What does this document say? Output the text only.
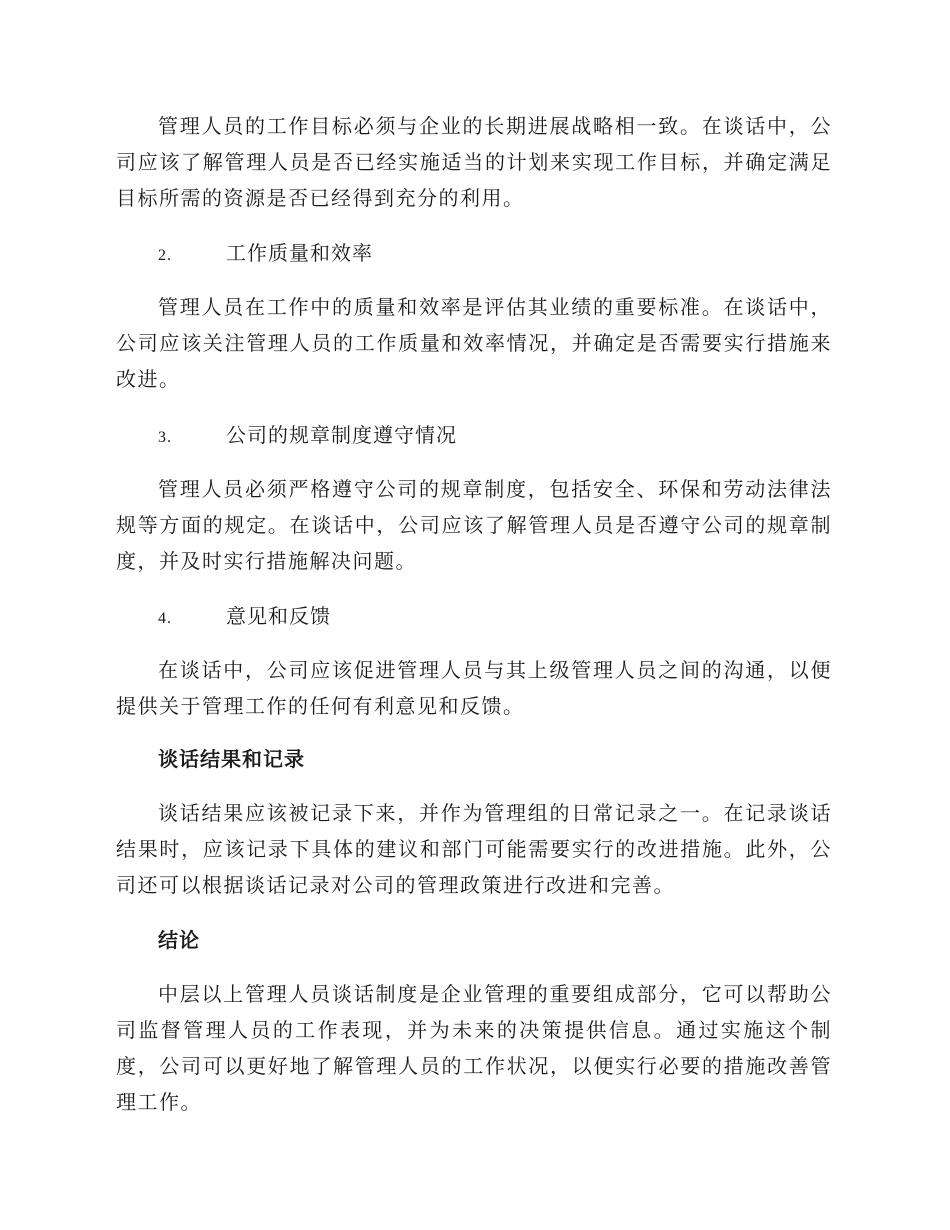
管理人员的工作目标必须与企业的长期进展战略相一致。在谈话中，公司应该了解管理人员是否已经实施适当的计划来实现工作目标，并确定满足目标所需的资源是否已经得到充分的利用。

2.	工作质量和效率

管理人员在工作中的质量和效率是评估其业绩的重要标准。在谈话中，公司应该关注管理人员的工作质量和效率情况，并确定是否需要实行措施来改进。

3.	公司的规章制度遵守情况

管理人员必须严格遵守公司的规章制度，包括安全、环保和劳动法律法规等方面的规定。在谈话中，公司应该了解管理人员是否遵守公司的规章制度，并及时实行措施解决问题。

4.	意见和反馈

在谈话中，公司应该促进管理人员与其上级管理人员之间的沟通，以便提供关于管理工作的任何有利意见和反馈。

谈话结果和记录

谈话结果应该被记录下来，并作为管理组的日常记录之一。在记录谈话结果时，应该记录下具体的建议和部门可能需要实行的改进措施。此外，公司还可以根据谈话记录对公司的管理政策进行改进和完善。

结论

中层以上管理人员谈话制度是企业管理的重要组成部分，它可以帮助公司监督管理人员的工作表现，并为未来的决策提供信息。通过实施这个制度，公司可以更好地了解管理人员的工作状况，以便实行必要的措施改善管理工作。
